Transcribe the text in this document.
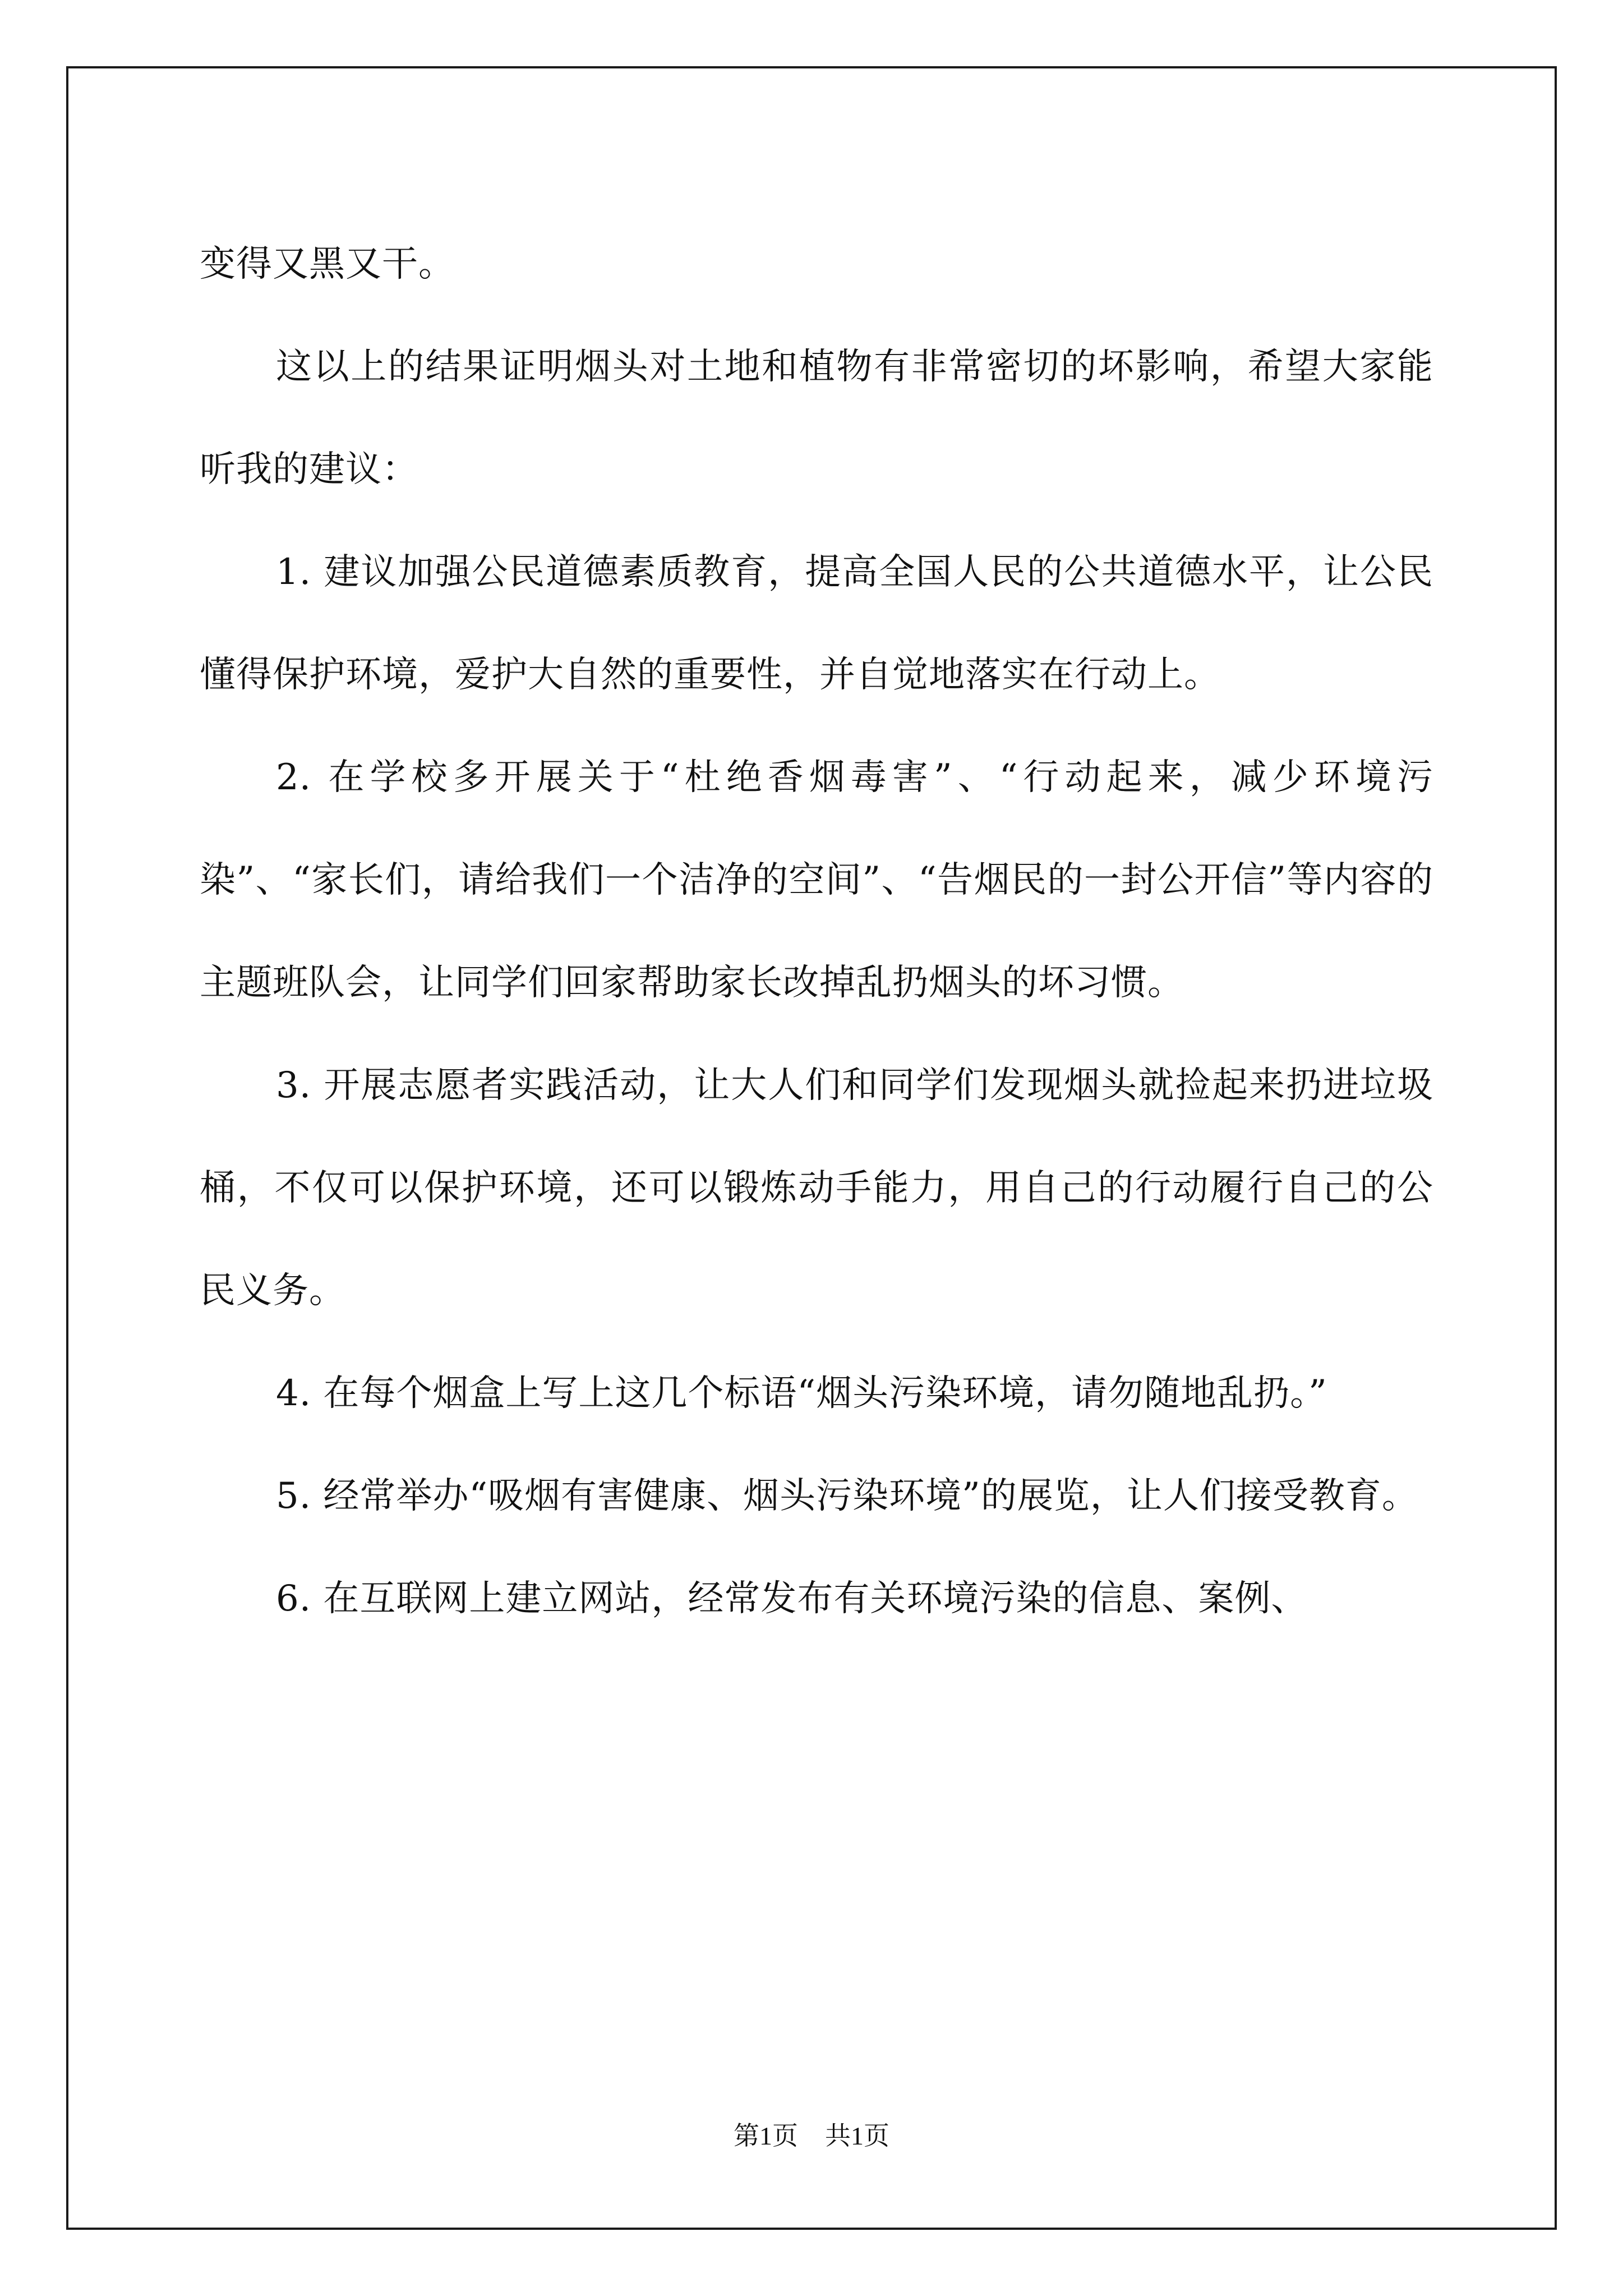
变得又黑又干。

这以上的结果证明烟头对土地和植物有非常密切的坏影响，希望大家能听我的建议：

1. 建议加强公民道德素质教育，提高全国人民的公共道德水平，让公民懂得保护环境，爱护大自然的重要性，并自觉地落实在行动上。

2. 在学校多开展关于“杜绝香烟毒害”、“行动起来，减少环境污染”、“家长们，请给我们一个洁净的空间”、“告烟民的一封公开信”等内容的主题班队会，让同学们回家帮助家长改掉乱扔烟头的坏习惯。

3. 开展志愿者实践活动，让大人们和同学们发现烟头就捡起来扔进垃圾桶，不仅可以保护环境，还可以锻炼动手能力，用自己的行动履行自己的公民义务。

4. 在每个烟盒上写上这几个标语“烟头污染环境，请勿随地乱扔。”

5. 经常举办“吸烟有害健康、烟头污染环境”的展览，让人们接受教育。

6. 在互联网上建立网站，经常发布有关环境污染的信息、案例、

第1页 共1页
